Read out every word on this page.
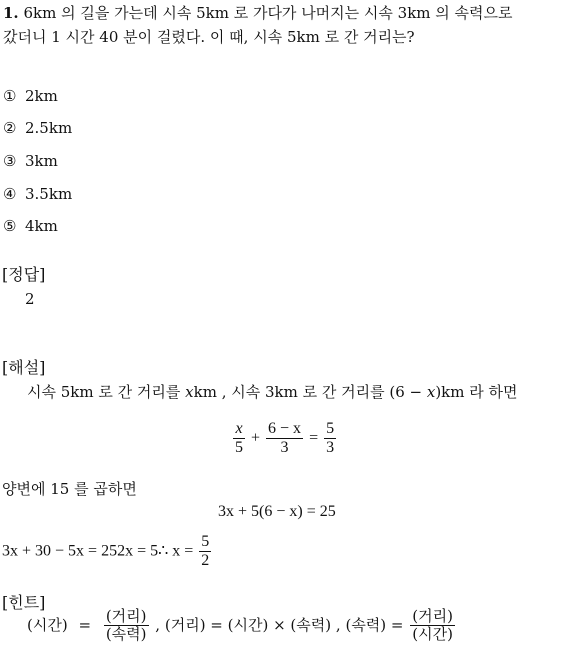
1. 6km 의 길을 가는데 시속 5km 로 가다가 나머지는 시속 3km 의 속력으로
갔더니 1 시간 40 분이 걸렸다. 이 때, 시속 5km 로 간 거리는?
① 2km
② 2.5km
③ 3km
④ 3.5km
⑤ 4km
[정답]
2
[해설]
시속 5km 로 간 거리를 xkm , 시속 3km 로 간 거리를 (6 − x)km 라 하면
$\frac{x}{5} + \frac{6 - x}{3} = \frac{5}{3}$
양변에 15 를 곱하면
3x + 5(6 − x) = 25
3x + 30 − 5x = 252x = 5∴ $x = \frac{5}{2}$
[힌트]
(시간) = $\frac{\text{(거리)}}{\text{(속력)}}$ , (거리) = (시간) × (속력) , (속력) = $\frac{\text{(거리)}}{\text{(시간)}}$
